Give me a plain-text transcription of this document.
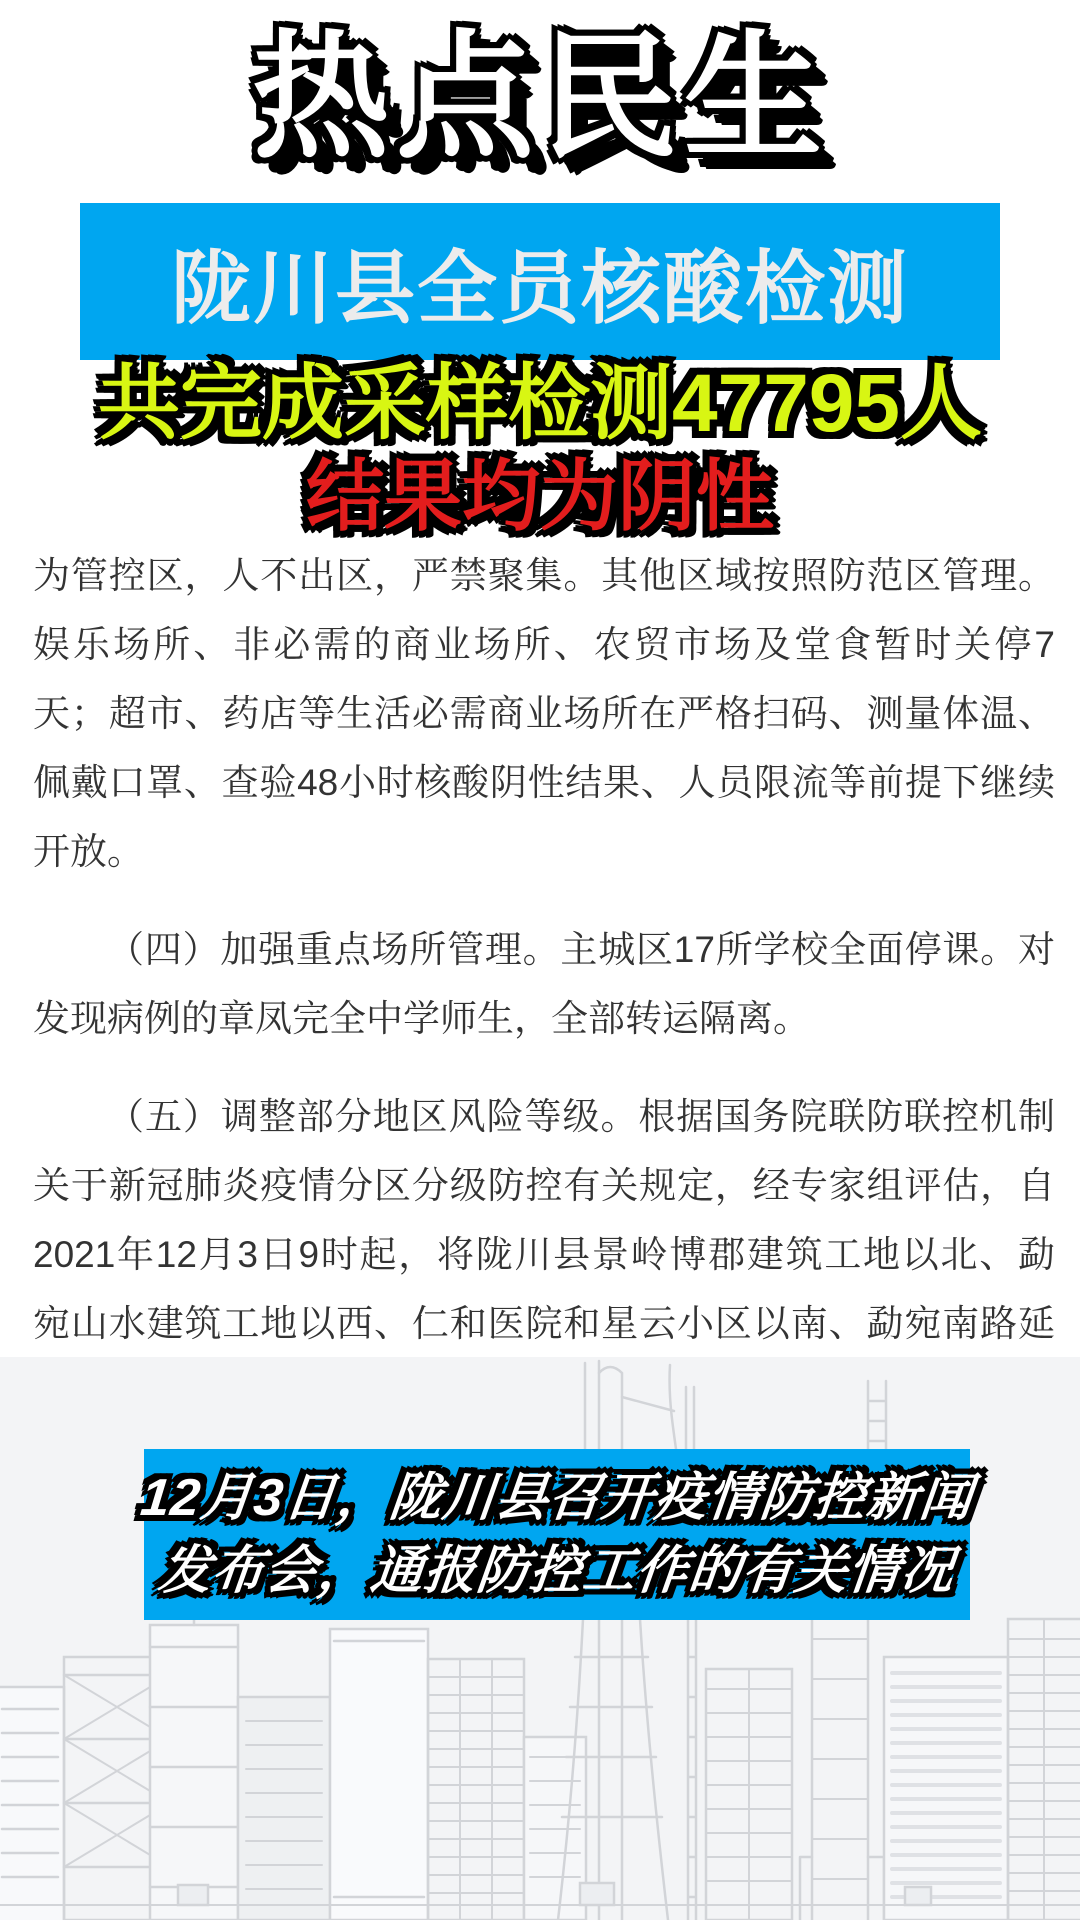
热点民生
陇川县全员核酸检测
共完成采样检测47795人
结果均为阴性
为管控区，人不出区，严禁聚集。其他区域按照防范区管理。
娱乐场所、非必需的商业场所、农贸市场及堂食暂时关停7
天；超市、药店等生活必需商业场所在严格扫码、测量体温、
佩戴口罩、查验48小时核酸阴性结果、人员限流等前提下继续
开放。
（四）加强重点场所管理。主城区17所学校全面停课。对
发现病例的章凤完全中学师生，全部转运隔离。
（五）调整部分地区风险等级。根据国务院联防联控机制
关于新冠肺炎疫情分区分级防控有关规定，经专家组评估，自
2021年12月3日9时起，将陇川县景岭博郡建筑工地以北、勐
宛山水建筑工地以西、仁和医院和星云小区以南、勐宛南路延
12月3日，陇川县召开疫情防控新闻
发布会，通报防控工作的有关情况
